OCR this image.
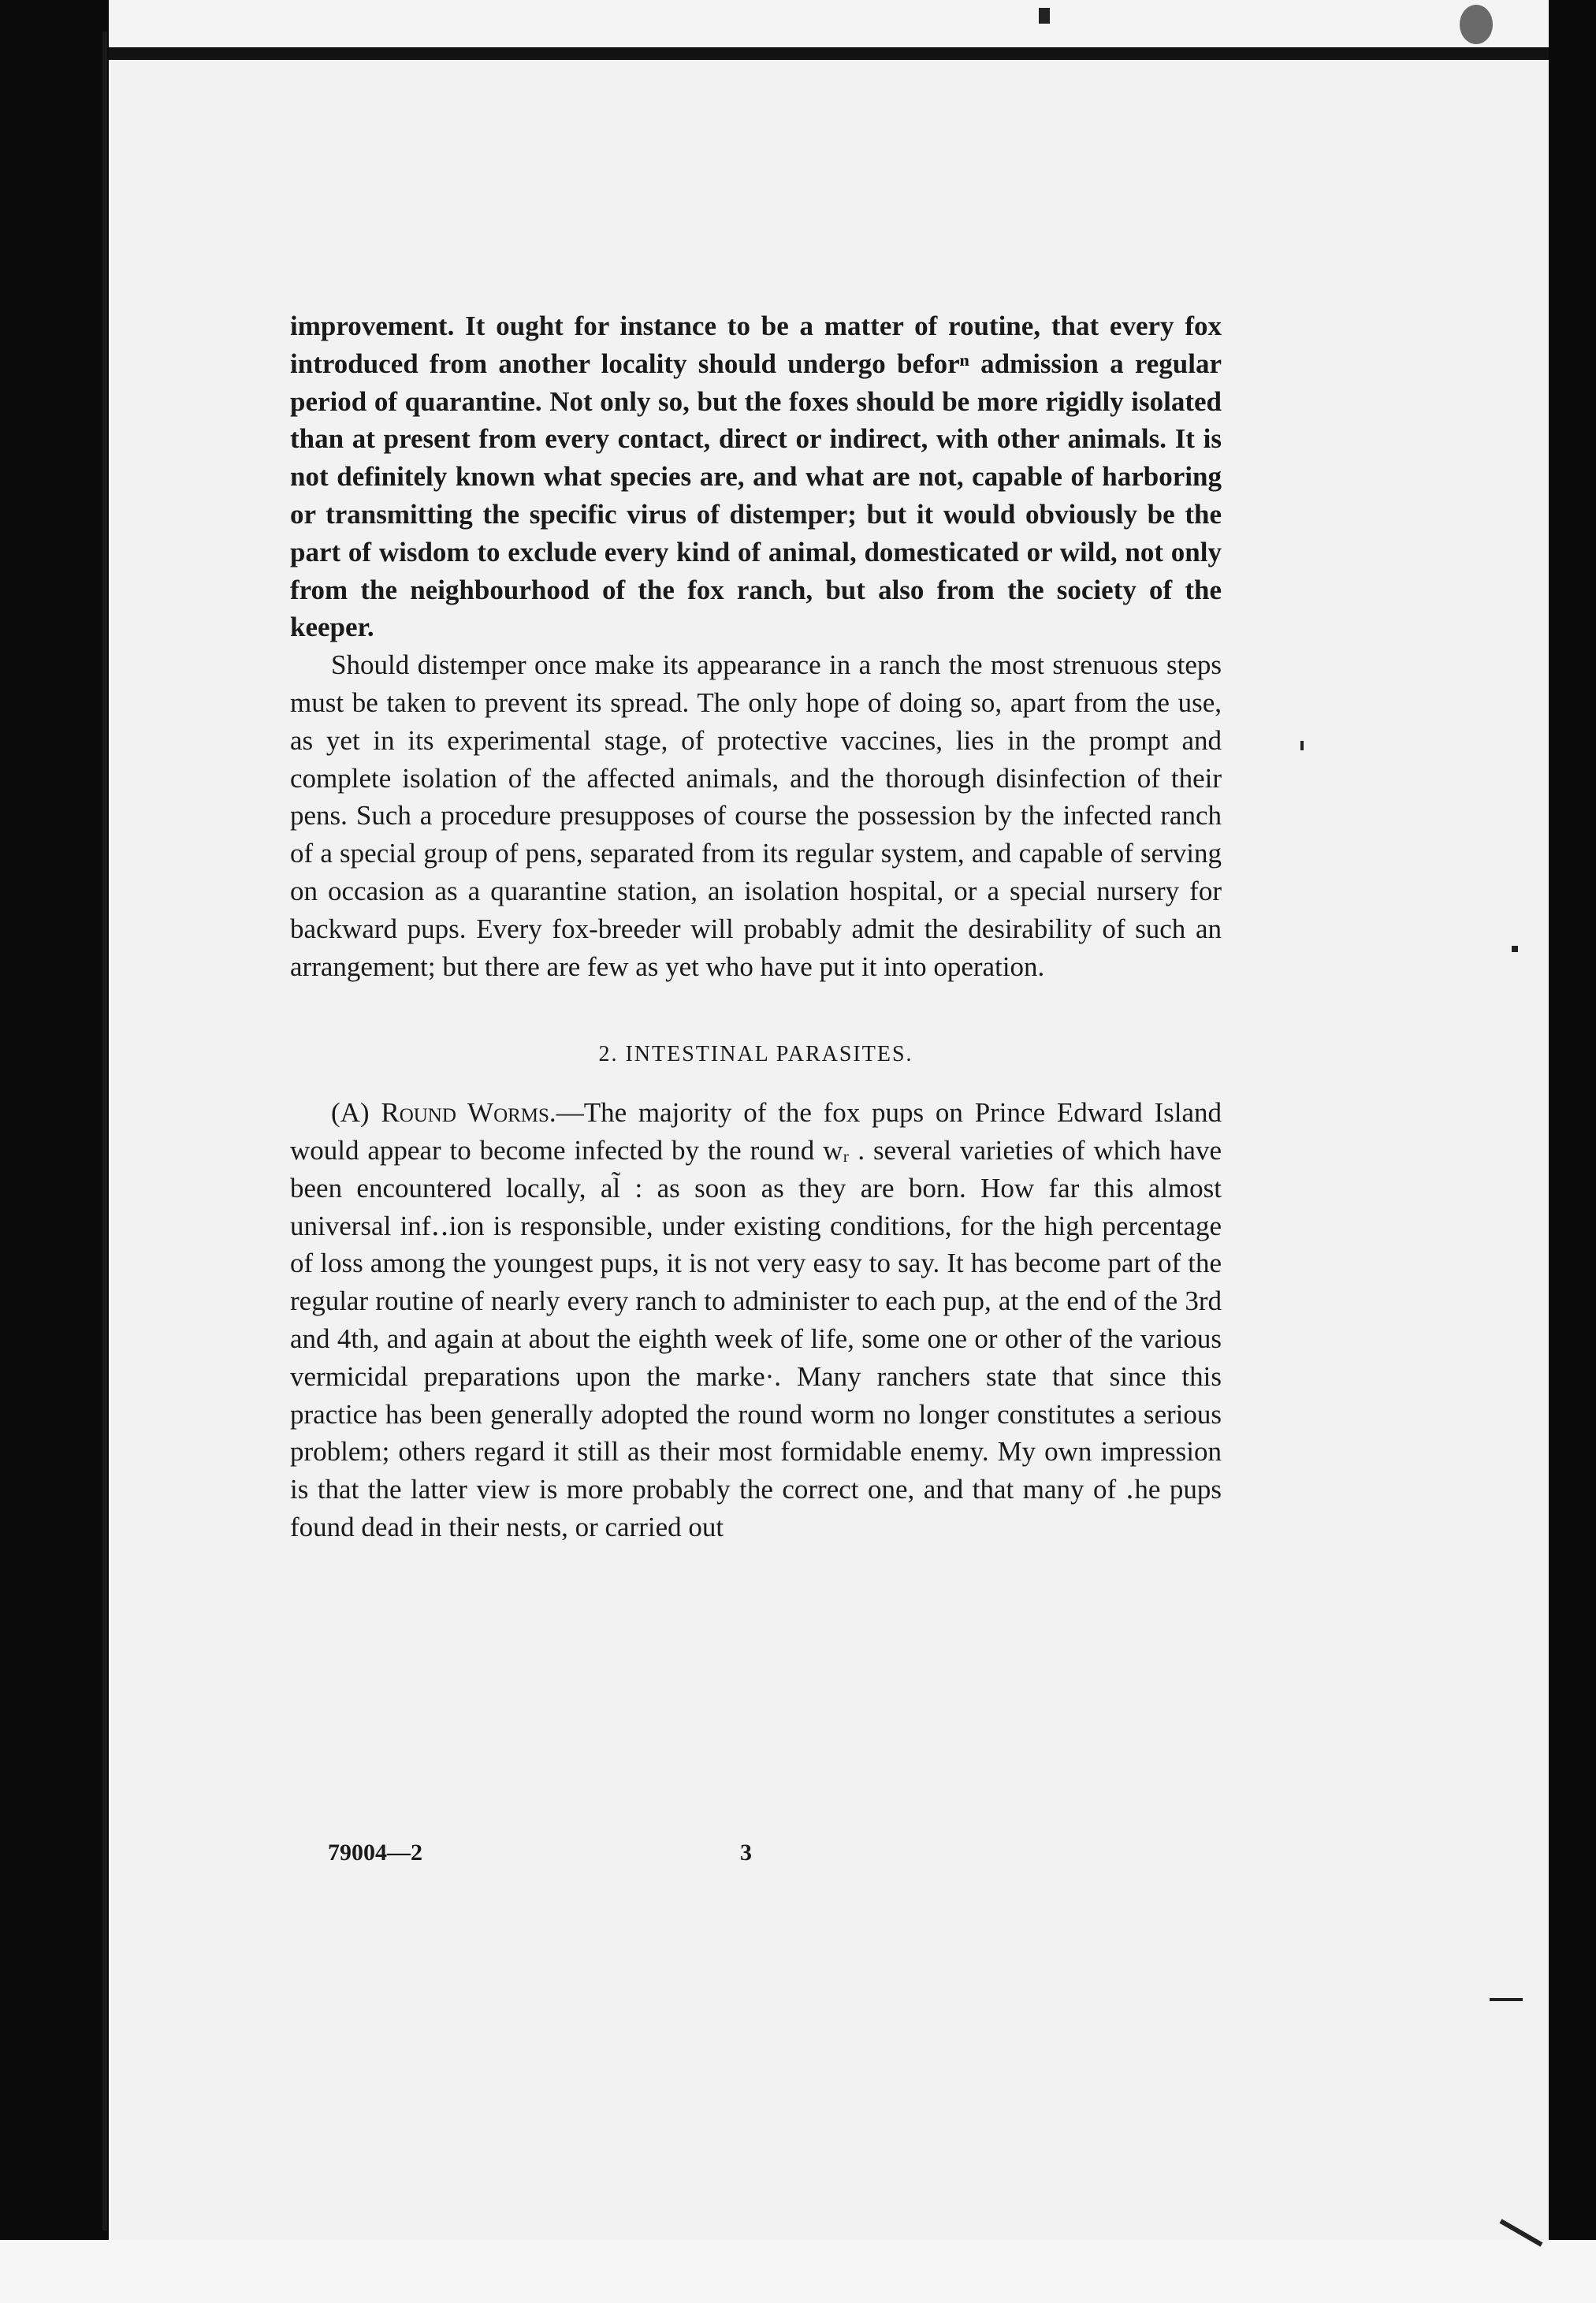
improvement. It ought for instance to be a matter of routine, that every fox introduced from another locality should undergo beforⁿ admission a regular period of quarantine. Not only so, but the foxes should be more rigidly isolated than at present from every contact, direct or indirect, with other animals. It is not definitely known what species are, and what are not, capable of harboring or transmitting the specific virus of distemper; but it would obviously be the part of wisdom to exclude every kind of animal, domesticated or wild, not only from the neighbourhood of the fox ranch, but also from the society of the keeper.

Should distemper once make its appearance in a ranch the most strenuous steps must be taken to prevent its spread. The only hope of doing so, apart from the use, as yet in its experimental stage, of protective vaccines, lies in the prompt and complete isolation of the affected animals, and the thorough disinfection of their pens. Such a procedure presupposes of course the possession by the infected ranch of a special group of pens, separated from its regular system, and capable of serving on occasion as a quarantine station, an isolation hospital, or a special nursery for backward pups. Every fox-breeder will probably admit the desirability of such an arrangement; but there are few as yet who have put it into operation.

2. INTESTINAL PARASITES.

(A) Round Worms.—The majority of the fox pups on Prince Edward Island would appear to become infected by the round wᵣ . several varieties of which have been encountered locally, al̃ : as soon as they are born. How far this almost universal inf‥ion is responsible, under existing conditions, for the high percentage of loss among the youngest pups, it is not very easy to say. It has become part of the regular routine of nearly every ranch to administer to each pup, at the end of the 3rd and 4th, and again at about the eighth week of life, some one or other of the various vermicidal preparations upon the marke·. Many ranchers state that since this practice has been generally adopted the round worm no longer constitutes a serious problem; others regard it still as their most formidable enemy. My own impression is that the latter view is more probably the correct one, and that many of ․he pups found dead in their nests, or carried out

79004—2	3
